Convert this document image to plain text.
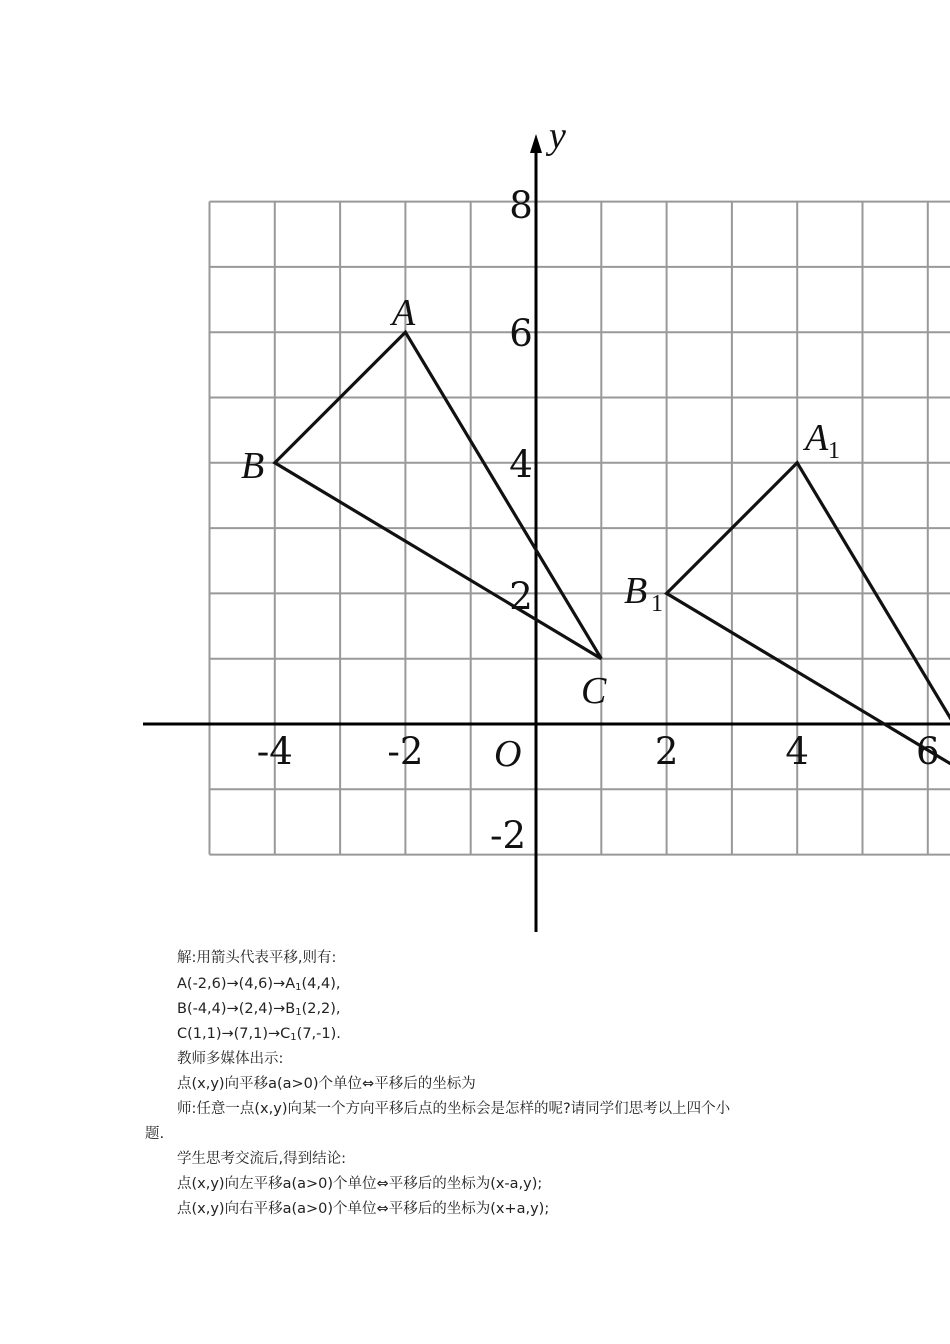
y
O
-4	-2	2	4	6
8
6
4
2
-2
A
B
C
A 1
B 1
解:用箭头代表平移,则有:
$A(-2,6)\to(4,6)\to A_1(4,4)$,
$B(-4,4)\to(2,4)\to B_1(2,2)$,
$C(1,1)\to(7,1)\to C_1(7,-1)$.
教师多媒体出示:
点(x,y)向平移a(a>0)个单位⇔平移后的坐标为
师:任意一点(x,y)向某一个方向平移后点的坐标会是怎样的呢?请同学们思考以上四个小
题.
学生思考交流后,得到结论:
点(x,y)向左平移a(a>0)个单位⇔平移后的坐标为(x-a,y);
点(x,y)向右平移a(a>0)个单位⇔平移后的坐标为(x+a,y);
